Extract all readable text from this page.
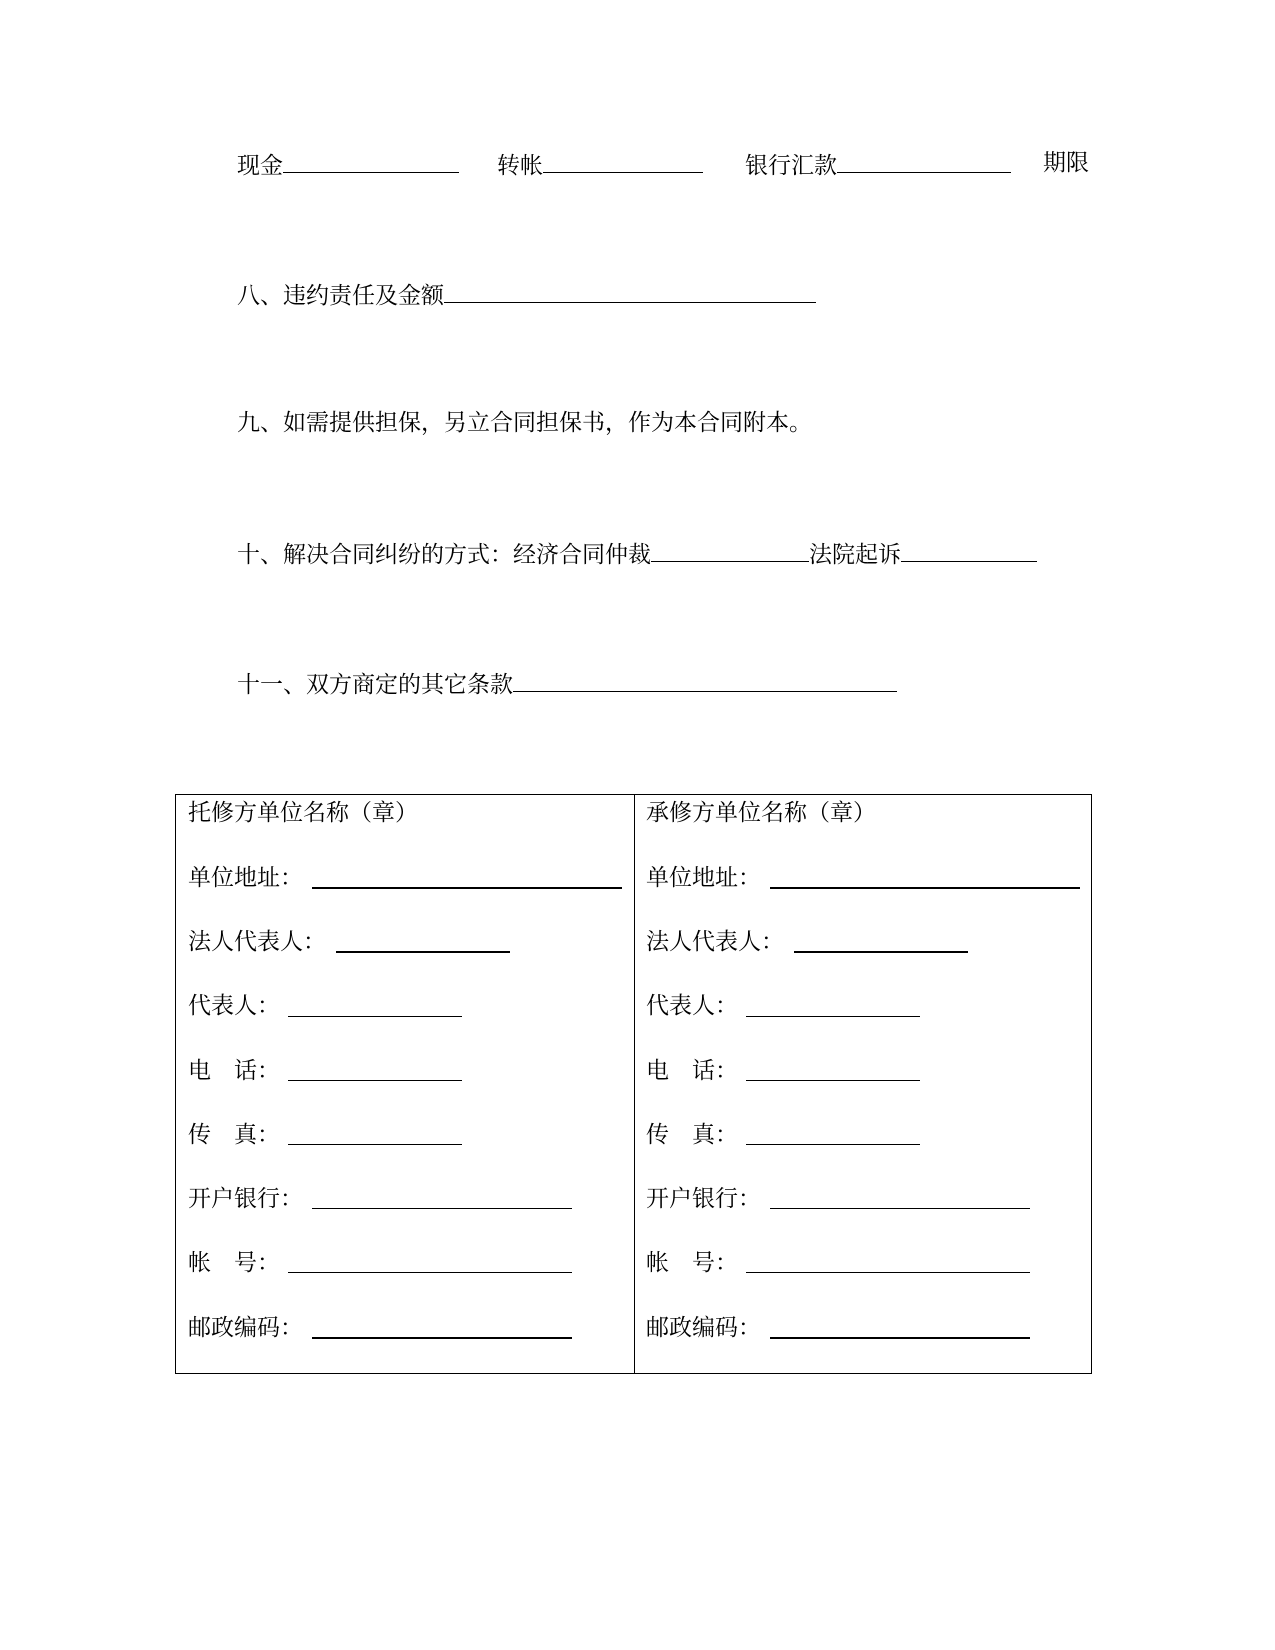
现金	转帐	银行汇款	期限
八、违约责任及金额
九、如需提供担保，另立合同担保书，作为本合同附本。
十、解决合同纠纷的方式：经济合同仲裁	法院起诉
十一、双方商定的其它条款
托修方单位名称（章）
单位地址：
法人代表人：
代表人：
电　话：
传　真：
开户银行：
帐　号：
邮政编码：
承修方单位名称（章）
单位地址：
法人代表人：
代表人：
电　话：
传　真：
开户银行：
帐　号：
邮政编码：
